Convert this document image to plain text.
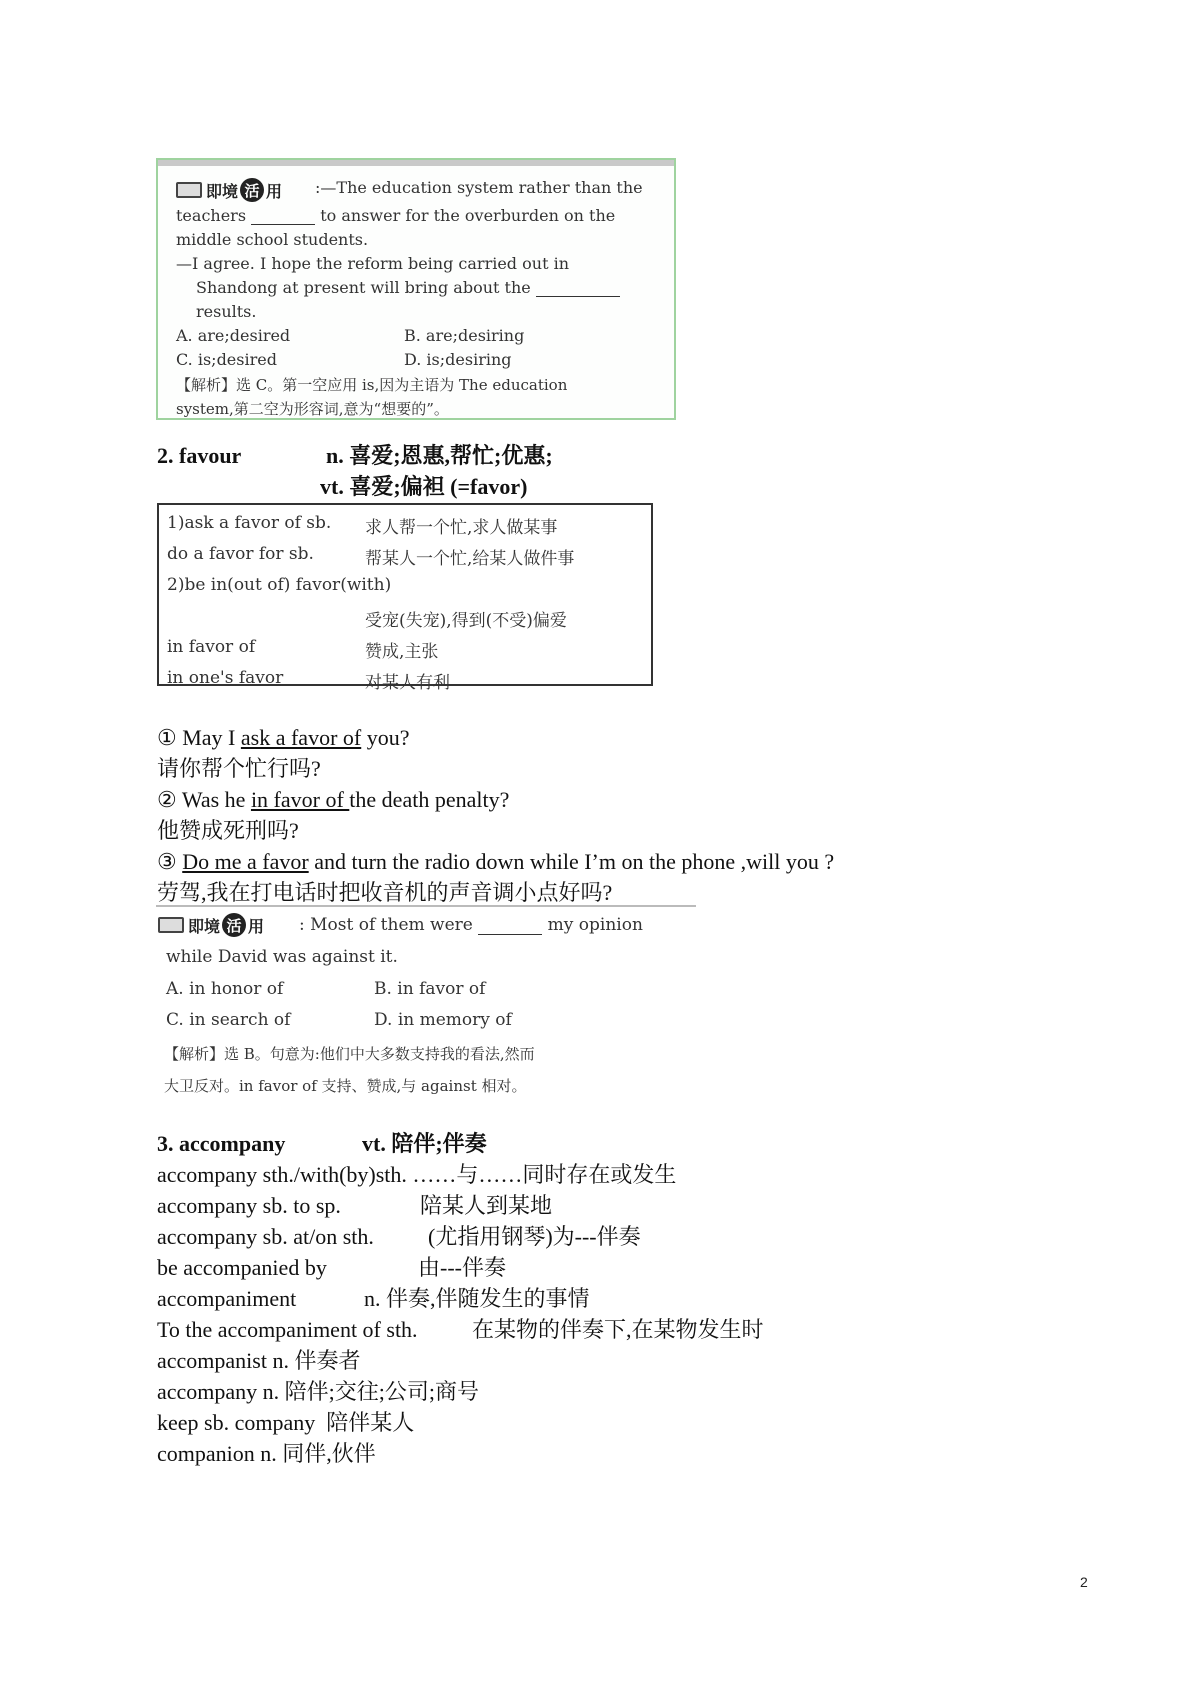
即境 活 用 :—The education system rather than the
teachers	to answer for the overburden on the
middle school students.
—I agree. I hope the reform being carried out in
Shandong at present will bring about the
results.
A. are;desired	B. are;desiring
C. is;desired	D. is;desiring
【解析】选 C。第一空应用 is,因为主语为 The education
system,第二空为形容词,意为“想要的”。
2. favour	n. 喜爱;恩惠,帮忙;优惠;
vt. 喜爱;偏袒 (=favor)
1)ask a favor of sb. 求人帮一个忙,求人做某事
do a favor for sb.	帮某人一个忙,给某人做件事
2)be in(out of) favor(with)
受宠(失宠),得到(不受)偏爱
in favor of	赞成,主张
in one's favor	对某人有利
① May I ask a favor of you?
请你帮个忙行吗?
② Was he in favor of the death penalty?
他赞成死刑吗?
③ Do me a favor and turn the radio down while I’m on the phone ,will you ?
劳驾,我在打电话时把收音机的声音调小点好吗?
即境 活 用 : Most of them were	my opinion
while David was against it.
A. in honor of	B. in favor of
C. in search of	D. in memory of
【解析】选 B。句意为:他们中大多数支持我的看法,然而
大卫反对。in favor of 支持、赞成,与 against 相对。
3. accompany	vt. 陪伴;伴奏
accompany sth./with(by)sth. ……与……同时存在或发生
accompany sb. to sp.	陪某人到某地
accompany sb. at/on sth. (尤指用钢琴)为---伴奏
be accompanied by	由---伴奏
accompaniment	n. 伴奏,伴随发生的事情
To the accompaniment of sth. 在某物的伴奏下,在某物发生时
accompanist n. 伴奏者
accompany n. 陪伴;交往;公司;商号
keep sb. company 陪伴某人
companion n. 同伴,伙伴
2
